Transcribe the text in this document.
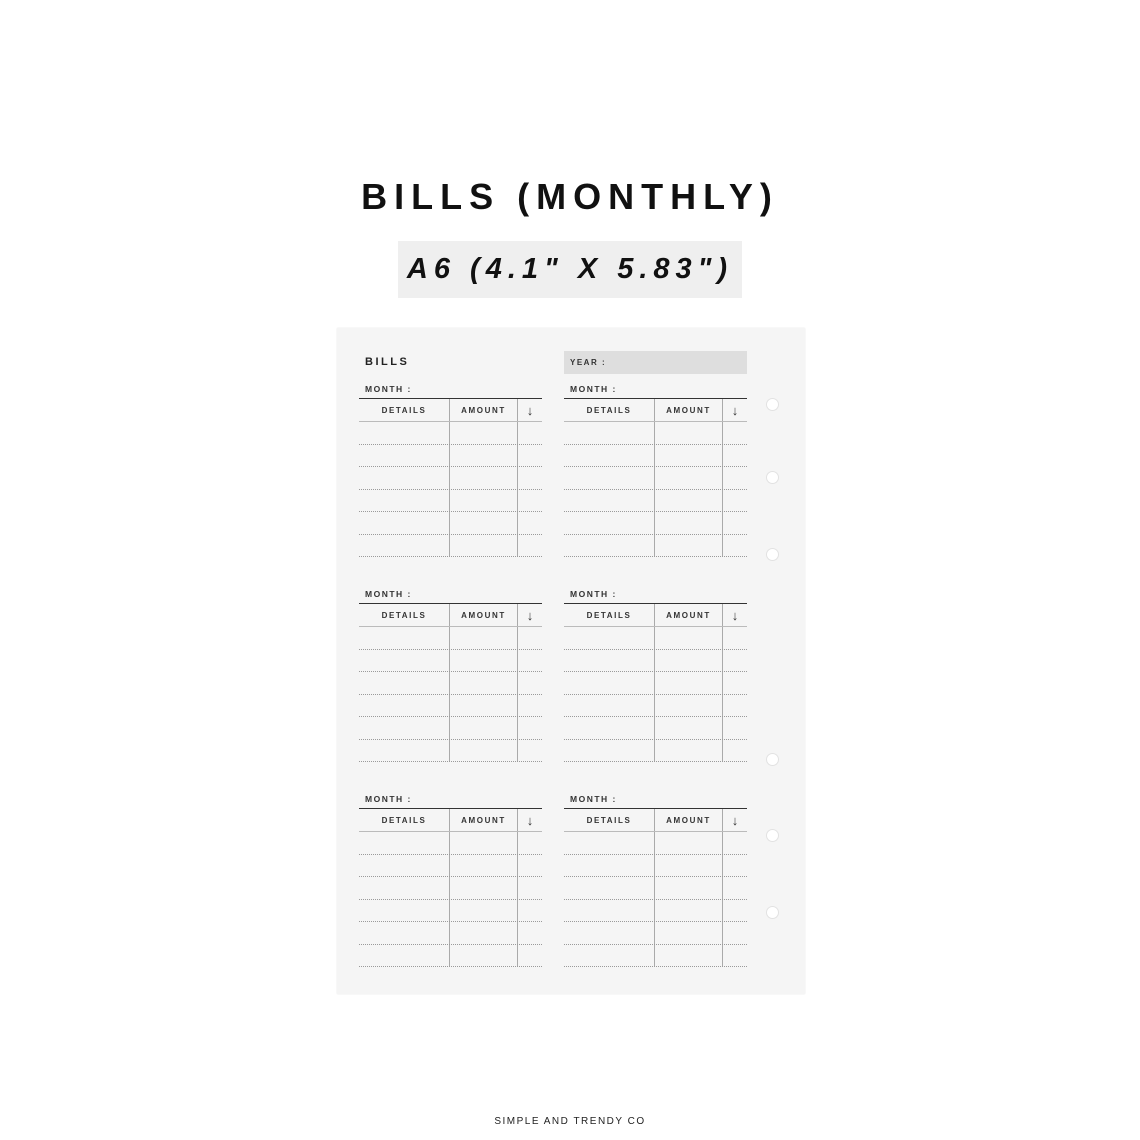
BILLS (MONTHLY)
A6 (4.1" X 5.83")
BILLS	YEAR :
MONTH :
DETAILS	AMOUNT	↓
MONTH :
DETAILS	AMOUNT	↓
MONTH :
DETAILS	AMOUNT	↓
MONTH :
DETAILS	AMOUNT	↓
MONTH :
DETAILS	AMOUNT	↓
MONTH :
DETAILS	AMOUNT	↓
SIMPLE AND TRENDY CO
